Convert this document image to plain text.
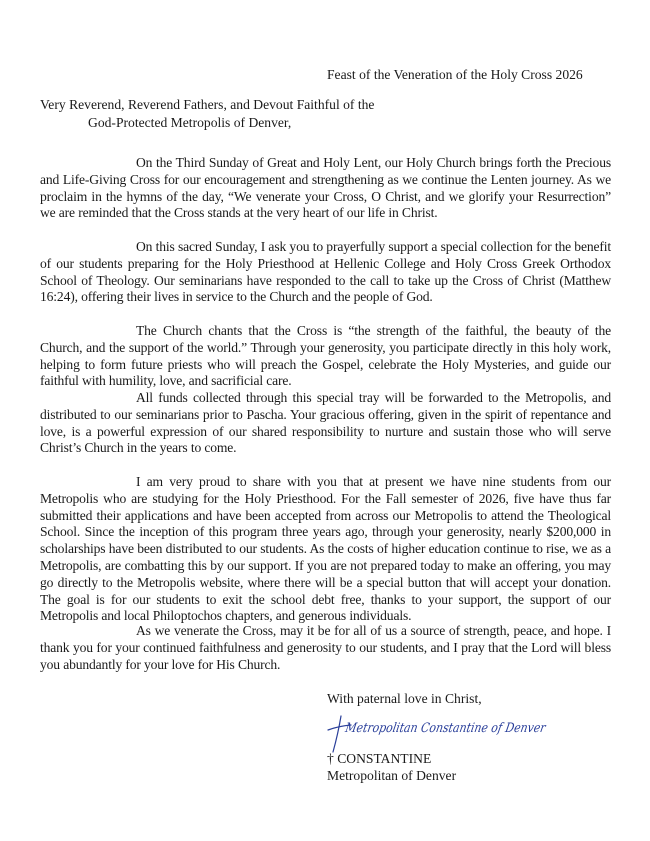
Feast of the Veneration of the Holy Cross 2026
Very Reverend, Reverend Fathers, and Devout Faithful of the
God-Protected Metropolis of Denver,

On the Third Sunday of Great and Holy Lent, our Holy Church brings forth the Precious and Life-Giving Cross for our encouragement and strengthening as we continue the Lenten journey. As we proclaim in the hymns of the day, “We venerate your Cross, O Christ, and we glorify your Resurrection” we are reminded that the Cross stands at the very heart of our life in Christ.

On this sacred Sunday, I ask you to prayerfully support a special collection for the benefit of our students preparing for the Holy Priesthood at Hellenic College and Holy Cross Greek Orthodox School of Theology. Our seminarians have responded to the call to take up the Cross of Christ (Matthew 16:24), offering their lives in service to the Church and the people of God.

The Church chants that the Cross is “the strength of the faithful, the beauty of the Church, and the support of the world.” Through your generosity, you participate directly in this holy work, helping to form future priests who will preach the Gospel, celebrate the Holy Mysteries, and guide our faithful with humility, love, and sacrificial care.

All funds collected through this special tray will be forwarded to the Metropolis, and distributed to our seminarians prior to Pascha. Your gracious offering, given in the spirit of repentance and love, is a powerful expression of our shared responsibility to nurture and sustain those who will serve Christ’s Church in the years to come.

I am very proud to share with you that at present we have nine students from our Metropolis who are studying for the Holy Priesthood. For the Fall semester of 2026, five have thus far submitted their applications and have been accepted from across our Metropolis to attend the Theological School. Since the inception of this program three years ago, through your generosity, nearly $200,000 in scholarships have been distributed to our students. As the costs of higher education continue to rise, we as a Metropolis, are combatting this by our support. If you are not prepared today to make an offering, you may go directly to the Metropolis website, where there will be a special button that will accept your donation. The goal is for our students to exit the school debt free, thanks to your support, the support of our Metropolis and local Philoptochos chapters, and generous individuals.

As we venerate the Cross, may it be for all of us a source of strength, peace, and hope. I thank you for your continued faithfulness and generosity to our students, and I pray that the Lord will bless you abundantly for your love for His Church.

With paternal love in Christ,
Metropolitan Constantine of Denver
† CONSTANTINE
Metropolitan of Denver
